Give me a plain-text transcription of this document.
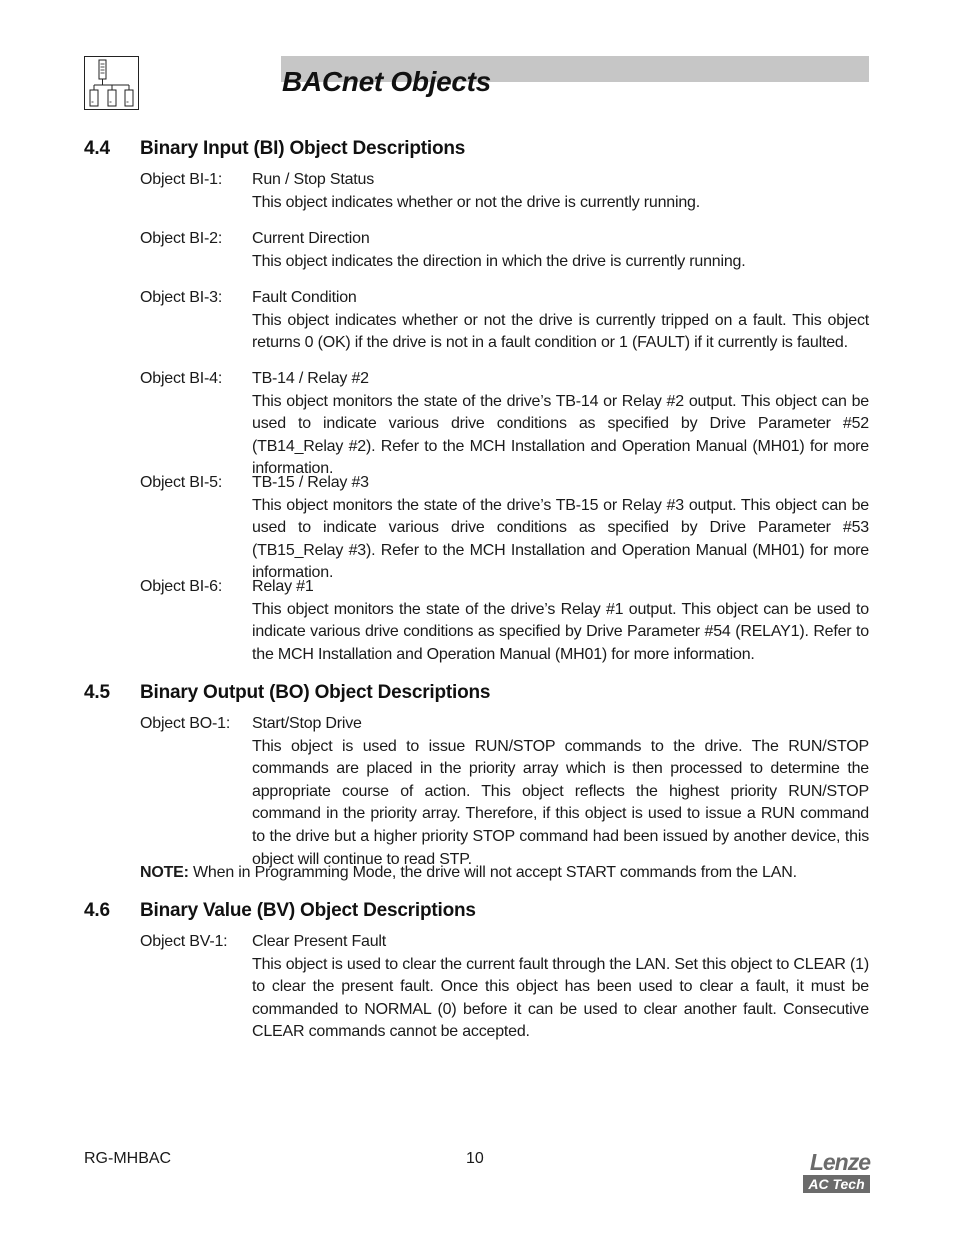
BACnet Objects
4.4 Binary Input (BI) Object Descriptions
Object BI-1: Run / Stop Status
This object indicates whether or not the drive is currently running.
Object BI-2: Current Direction
This object indicates the direction in which the drive is currently running.
Object BI-3: Fault Condition
This object indicates whether or not the drive is currently tripped on a fault. This object returns 0 (OK) if the drive is not in a fault condition or 1 (FAULT) if it currently is faulted.
Object BI-4: TB-14 / Relay #2
This object monitors the state of the drive’s TB-14 or Relay #2 output. This object can be used to indicate various drive conditions as specified by Drive Parameter #52 (TB14_Relay #2). Refer to the MCH Installation and Operation Manual (MH01) for more information.
Object BI-5: TB-15 / Relay #3
This object monitors the state of the drive’s TB-15 or Relay #3 output. This object can be used to indicate various drive conditions as specified by Drive Parameter #53 (TB15_Relay #3). Refer to the MCH Installation and Operation Manual (MH01) for more information.
Object BI-6: Relay #1
This object monitors the state of the drive’s Relay #1 output. This object can be used to indicate various drive conditions as specified by Drive Parameter #54 (RELAY1). Refer to the MCH Installation and Operation Manual (MH01) for more information.
4.5 Binary Output (BO) Object Descriptions
Object BO-1: Start/Stop Drive
This object is used to issue RUN/STOP commands to the drive. The RUN/STOP commands are placed in the priority array which is then processed to determine the appropriate course of action. This object reflects the highest priority RUN/STOP command in the priority array. Therefore, if this object is used to issue a RUN command to the drive but a higher priority STOP command had been issued by another device, this object will continue to read STP.
NOTE: When in Programming Mode, the drive will not accept START commands from the LAN.
4.6 Binary Value (BV) Object Descriptions
Object BV-1: Clear Present Fault
This object is used to clear the current fault through the LAN. Set this object to CLEAR (1) to clear the present fault. Once this object has been used to clear a fault, it must be commanded to NORMAL (0) before it can be used to clear another fault. Consecutive CLEAR commands cannot be accepted.
RG-MHBAC	10	Lenze
AC Tech
